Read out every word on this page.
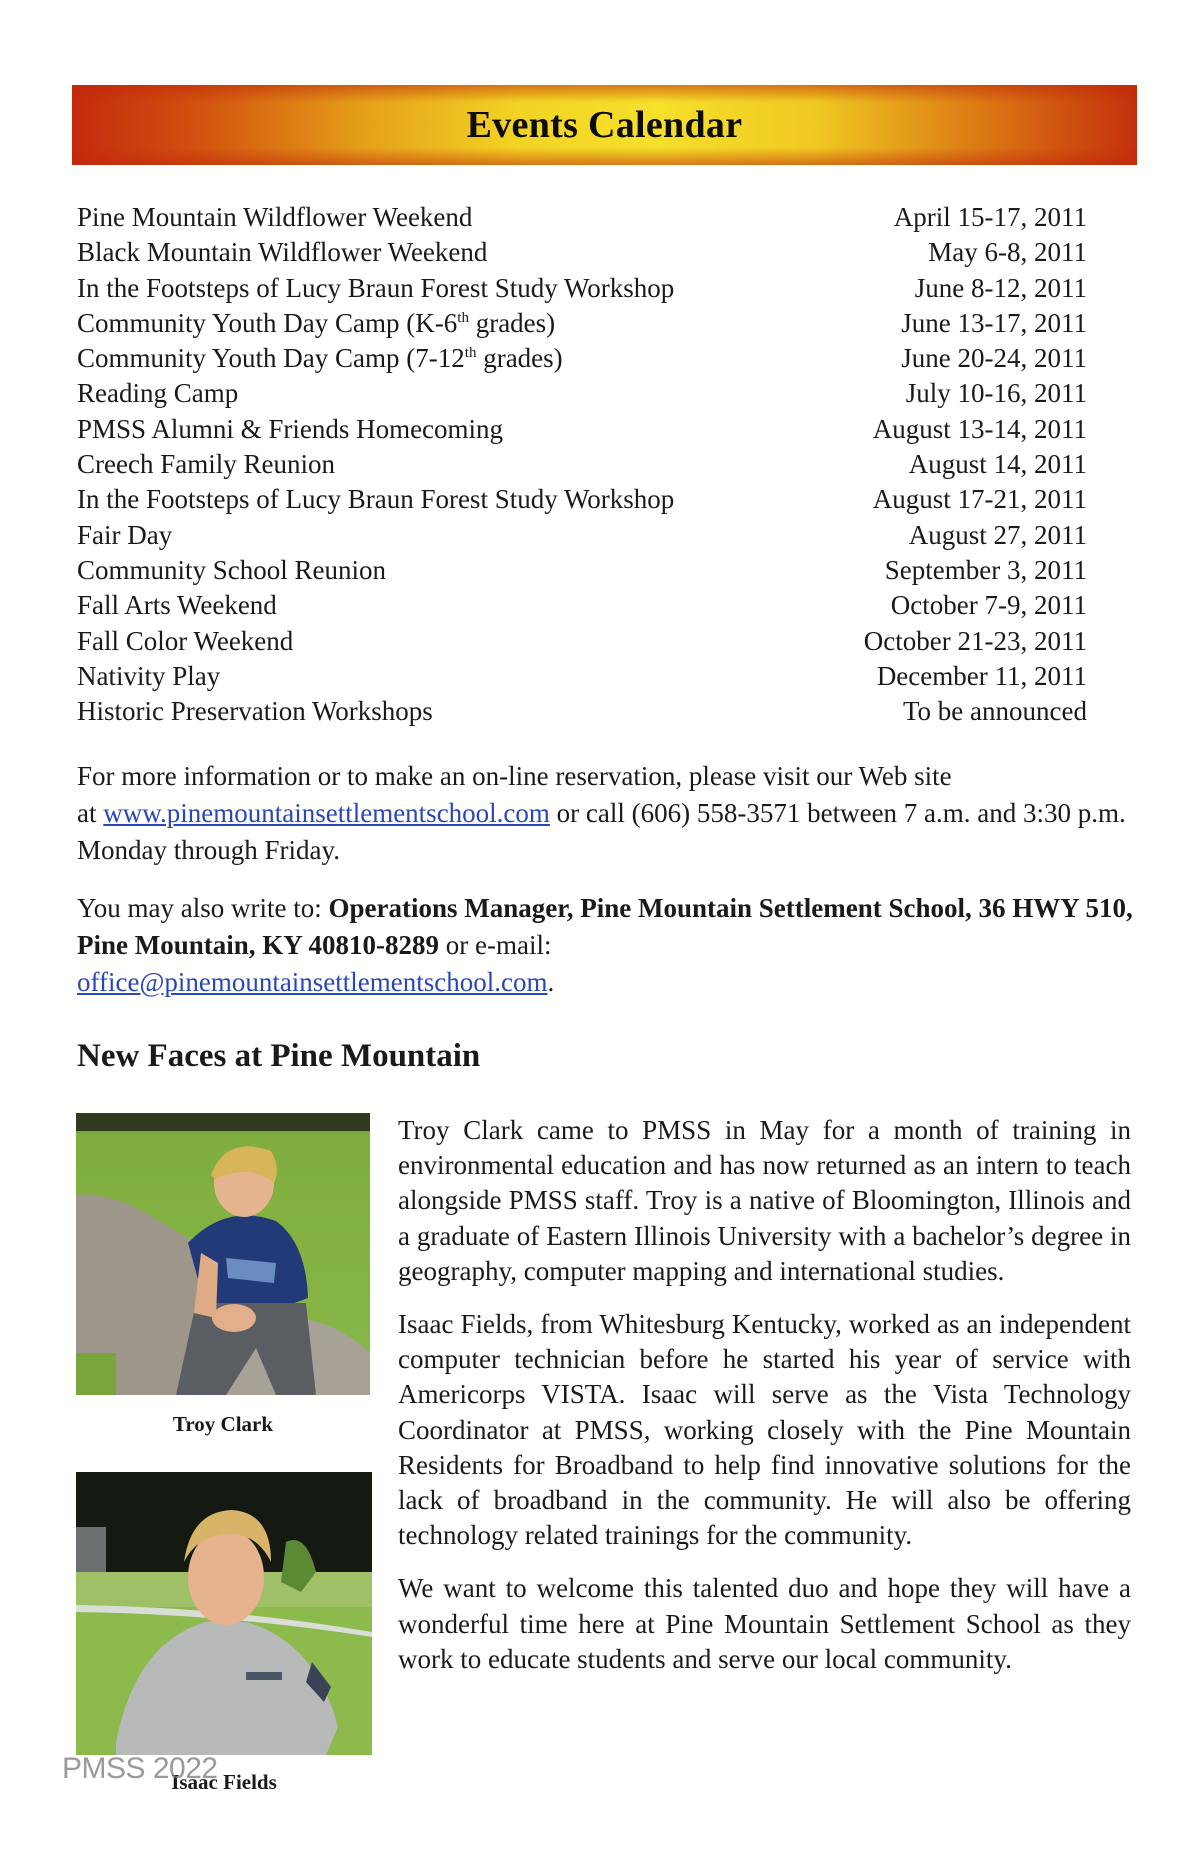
Events Calendar
Pine Mountain Wildflower Weekend	April 15-17, 2011
Black Mountain Wildflower Weekend	May 6-8, 2011
In the Footsteps of Lucy Braun Forest Study Workshop	June 8-12, 2011
Community Youth Day Camp (K-6th grades)	June 13-17, 2011
Community Youth Day Camp (7-12th grades)	June 20-24, 2011
Reading Camp	July 10-16, 2011
PMSS Alumni & Friends Homecoming	August 13-14, 2011
Creech Family Reunion	August 14, 2011
In the Footsteps of Lucy Braun Forest Study Workshop	August 17-21, 2011
Fair Day	August 27, 2011
Community School Reunion	September 3, 2011
Fall Arts Weekend	October 7-9, 2011
Fall Color Weekend	October 21-23, 2011
Nativity Play	December 11, 2011
Historic Preservation Workshops	To be announced
For more information or to make an on-line reservation, please visit our Web site
at www.pinemountainsettlementschool.com or call (606) 558-3571 between 7 a.m. and 3:30 p.m. Monday through Friday.
You may also write to: Operations Manager, Pine Mountain Settlement School, 36 HWY 510, Pine Mountain, KY 40810-8289 or e-mail:
office@pinemountainsettlementschool.com.
New Faces at Pine Mountain
Troy Clark
Isaac Fields
PMSS 2022

Troy Clark came to PMSS in May for a month of training in environmental education and has now returned as an intern to teach alongside PMSS staff. Troy is a native of Bloomington, Illinois and a graduate of Eastern Illinois University with a bachelor’s degree in geography, computer mapping and international studies.

Isaac Fields, from Whitesburg Kentucky, worked as an independent computer technician before he started his year of service with Americorps VISTA. Isaac will serve as the Vista Technology Coordinator at PMSS, working closely with the Pine Mountain Residents for Broadband to help find innovative solutions for the lack of broadband in the community. He will also be offering technology related trainings for the community.

We want to welcome this talented duo and hope they will have a wonderful time here at Pine Mountain Settlement School as they work to educate students and serve our local community.
